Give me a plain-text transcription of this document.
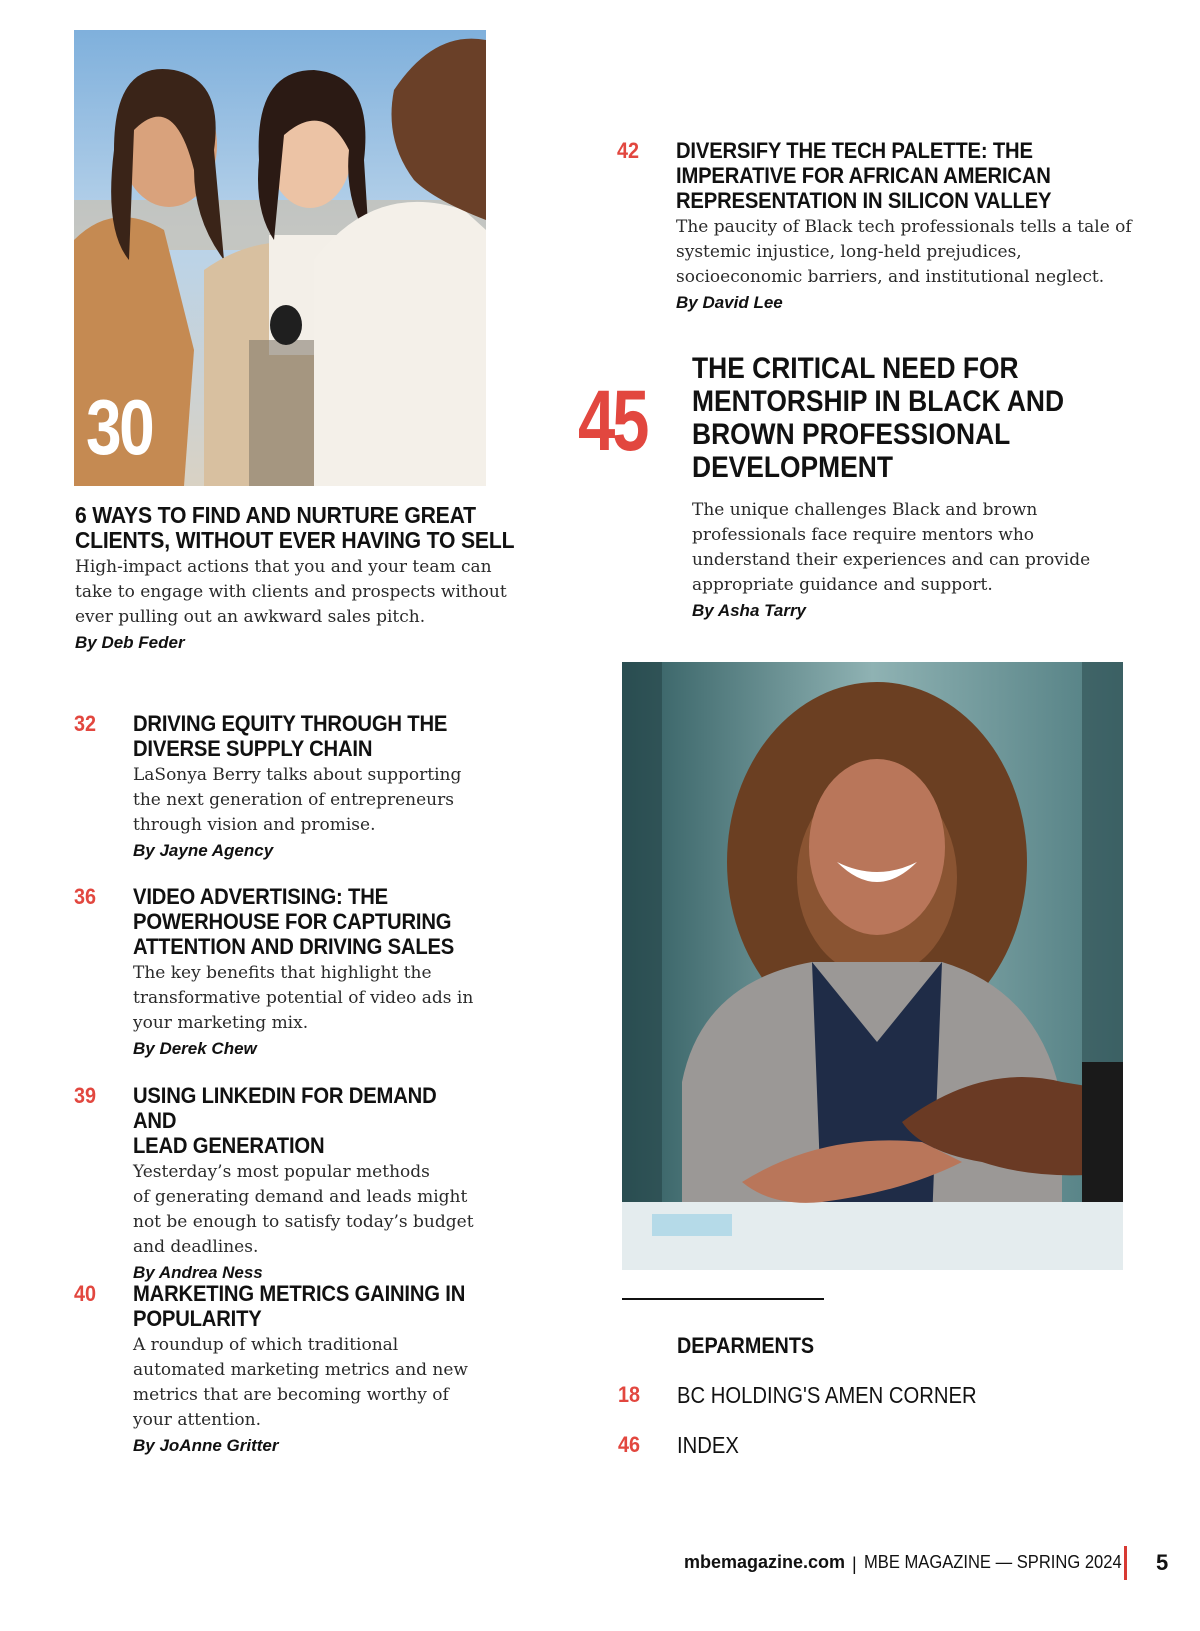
30
6 WAYS TO FIND AND NURTURE GREAT
CLIENTS, WITHOUT EVER HAVING TO SELL
High-impact actions that you and your team can
take to engage with clients and prospects without
ever pulling out an awkward sales pitch.
By Deb Feder
32 DRIVING EQUITY THROUGH THE
DIVERSE SUPPLY CHAIN
LaSonya Berry talks about supporting
the next generation of entrepreneurs
through vision and promise.
By Jayne Agency
36 VIDEO ADVERTISING: THE
POWERHOUSE FOR CAPTURING
ATTENTION AND DRIVING SALES
The key benefits that highlight the
transformative potential of video ads in
your marketing mix.
By Derek Chew
39 USING LINKEDIN FOR DEMAND AND
LEAD GENERATION
Yesterday’s most popular methods
of generating demand and leads might
not be enough to satisfy today’s budget
and deadlines.
By Andrea Ness
40 MARKETING METRICS GAINING IN
POPULARITY
A roundup of which traditional
automated marketing metrics and new
metrics that are becoming worthy of
your attention.
By JoAnne Gritter
42 DIVERSIFY THE TECH PALETTE: THE
IMPERATIVE FOR AFRICAN AMERICAN
REPRESENTATION IN SILICON VALLEY
The paucity of Black tech professionals tells a tale of
systemic injustice, long-held prejudices,
socioeconomic barriers, and institutional neglect.
By David Lee
45
THE CRITICAL NEED FOR
MENTORSHIP IN BLACK AND
BROWN PROFESSIONAL
DEVELOPMENT
The unique challenges Black and brown
professionals face require mentors who
understand their experiences and can provide
appropriate guidance and support.
By Asha Tarry
DEPARMENTS
18 BC HOLDING'S AMEN CORNER
46 INDEX
mbemagazine.com | MBE MAGAZINE — SPRING 2024 5
